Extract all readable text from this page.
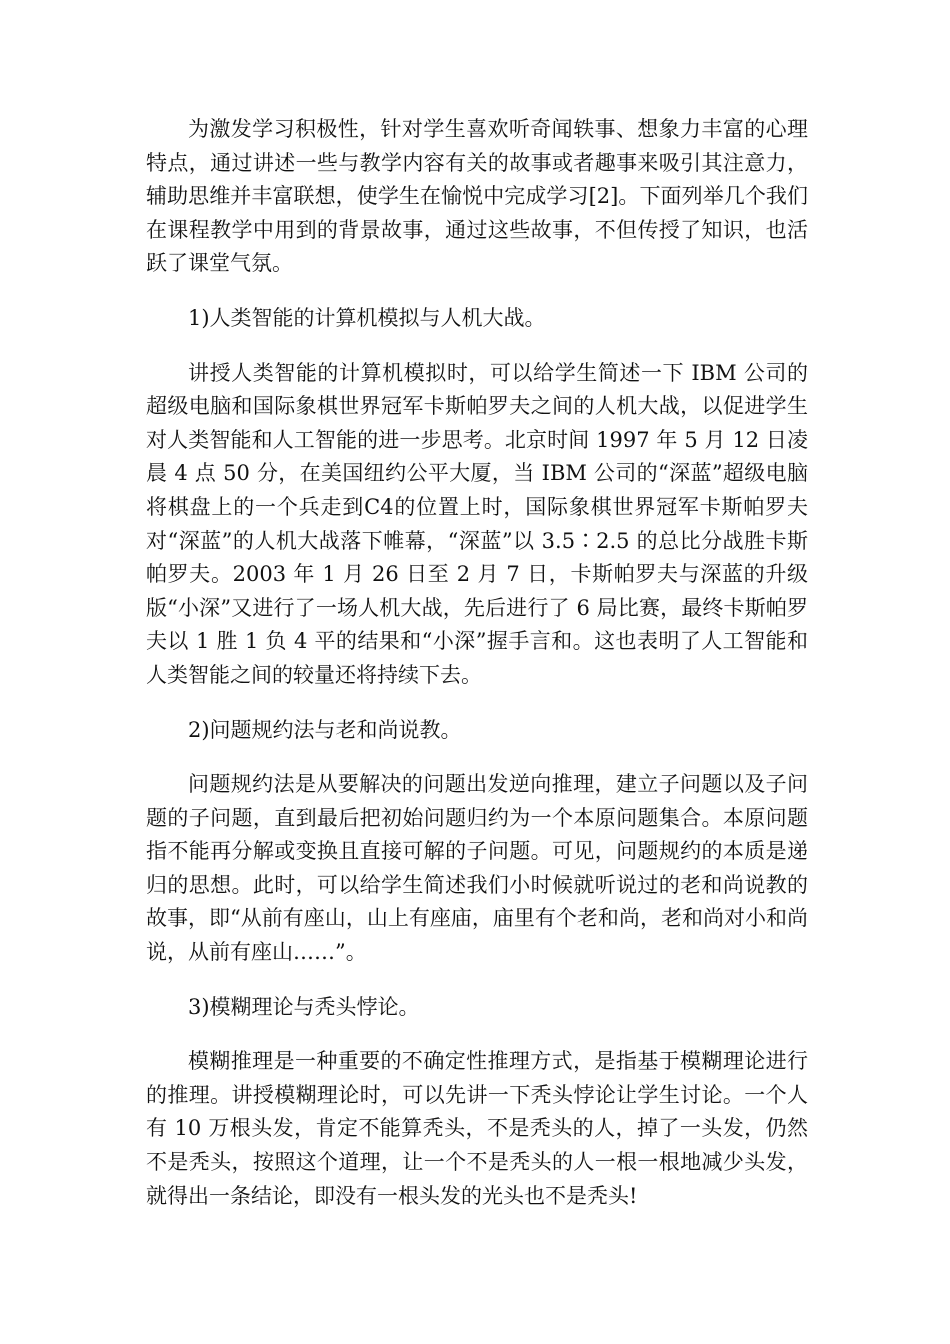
为激发学习积极性，针对学生喜欢听奇闻轶事、想象力丰富的心理特点，通过讲述一些与教学内容有关的故事或者趣事来吸引其注意力，辅助思维并丰富联想，使学生在愉悦中完成学习[2]。下面列举几个我们在课程教学中用到的背景故事，通过这些故事，不但传授了知识，也活跃了课堂气氛。

1)人类智能的计算机模拟与人机大战。

讲授人类智能的计算机模拟时，可以给学生简述一下 IBM 公司的超级电脑和国际象棋世界冠军卡斯帕罗夫之间的人机大战，以促进学生对人类智能和人工智能的进一步思考。北京时间 1997 年 5 月 12 日凌晨 4 点 50 分，在美国纽约公平大厦，当 IBM 公司的“深蓝”超级电脑将棋盘上的一个兵走到C4的位置上时，国际象棋世界冠军卡斯帕罗夫对“深蓝”的人机大战落下帷幕，“深蓝”以 3.5∶2.5 的总比分战胜卡斯帕罗夫。2003 年 1 月 26 日至 2 月 7 日，卡斯帕罗夫与深蓝的升级版“小深”又进行了一场人机大战，先后进行了 6 局比赛，最终卡斯帕罗夫以 1 胜 1 负 4 平的结果和“小深”握手言和。这也表明了人工智能和人类智能之间的较量还将持续下去。

2)问题规约法与老和尚说教。

问题规约法是从要解决的问题出发逆向推理，建立子问题以及子问题的子问题，直到最后把初始问题归约为一个本原问题集合。本原问题指不能再分解或变换且直接可解的子问题。可见，问题规约的本质是递归的思想。此时，可以给学生简述我们小时候就听说过的老和尚说教的故事，即“从前有座山，山上有座庙，庙里有个老和尚，老和尚对小和尚说，从前有座山……”。

3)模糊理论与秃头悖论。

模糊推理是一种重要的不确定性推理方式，是指基于模糊理论进行的推理。讲授模糊理论时，可以先讲一下秃头悖论让学生讨论。一个人有 10 万根头发，肯定不能算秃头，不是秃头的人，掉了一头发，仍然不是秃头，按照这个道理，让一个不是秃头的人一根一根地减少头发，就得出一条结论，即没有一根头发的光头也不是秃头!
